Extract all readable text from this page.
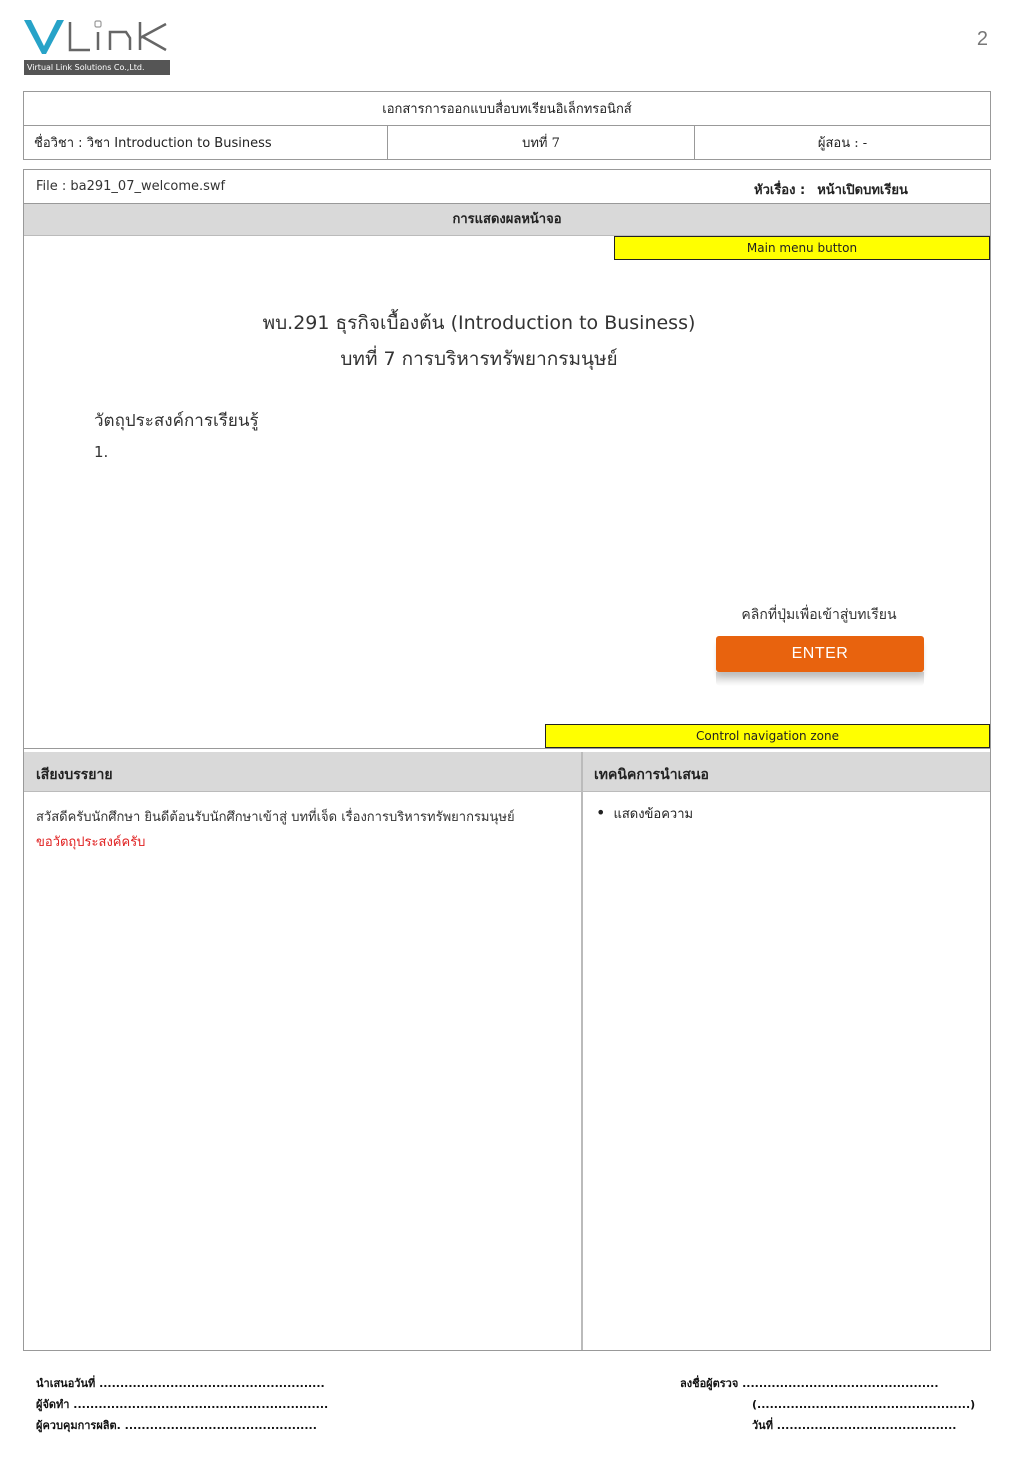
Virtual Link Solutions Co.,Ltd.
2
เอกสารการออกแบบสื่อบทเรียนอิเล็กทรอนิกส์
ชื่อวิชา : วิชา Introduction to Business	บทที่ 7	ผู้สอน : -
File : ba291_07_welcome.swf	หัวเรื่อง : หน้าเปิดบทเรียน
การแสดงผลหน้าจอ
Main menu button
พบ.291 ธุรกิจเบื้องต้น (Introduction to Business)
บทที่ 7 การบริหารทรัพยากรมนุษย์
วัตถุประสงค์การเรียนรู้
1.
คลิกที่ปุ่มเพื่อเข้าสู่บทเรียน
ENTER
Control navigation zone
เสียงบรรยาย	เทคนิคการนำเสนอ
สวัสดีครับนักศึกษา ยินดีต้อนรับนักศึกษาเข้าสู่ บทที่เจ็ด เรื่องการบริหารทรัพยากรมนุษย์
ขอวัตถุประสงค์ครับ
• แสดงข้อความ
นำเสนอวันที่ ......................................................
ผู้จัดทำ .............................................................
ผู้ควบคุมการผลิต. ..............................................
ลงชื่อผู้ตรวจ ...............................................
(...................................................)
วันที่ ...........................................
